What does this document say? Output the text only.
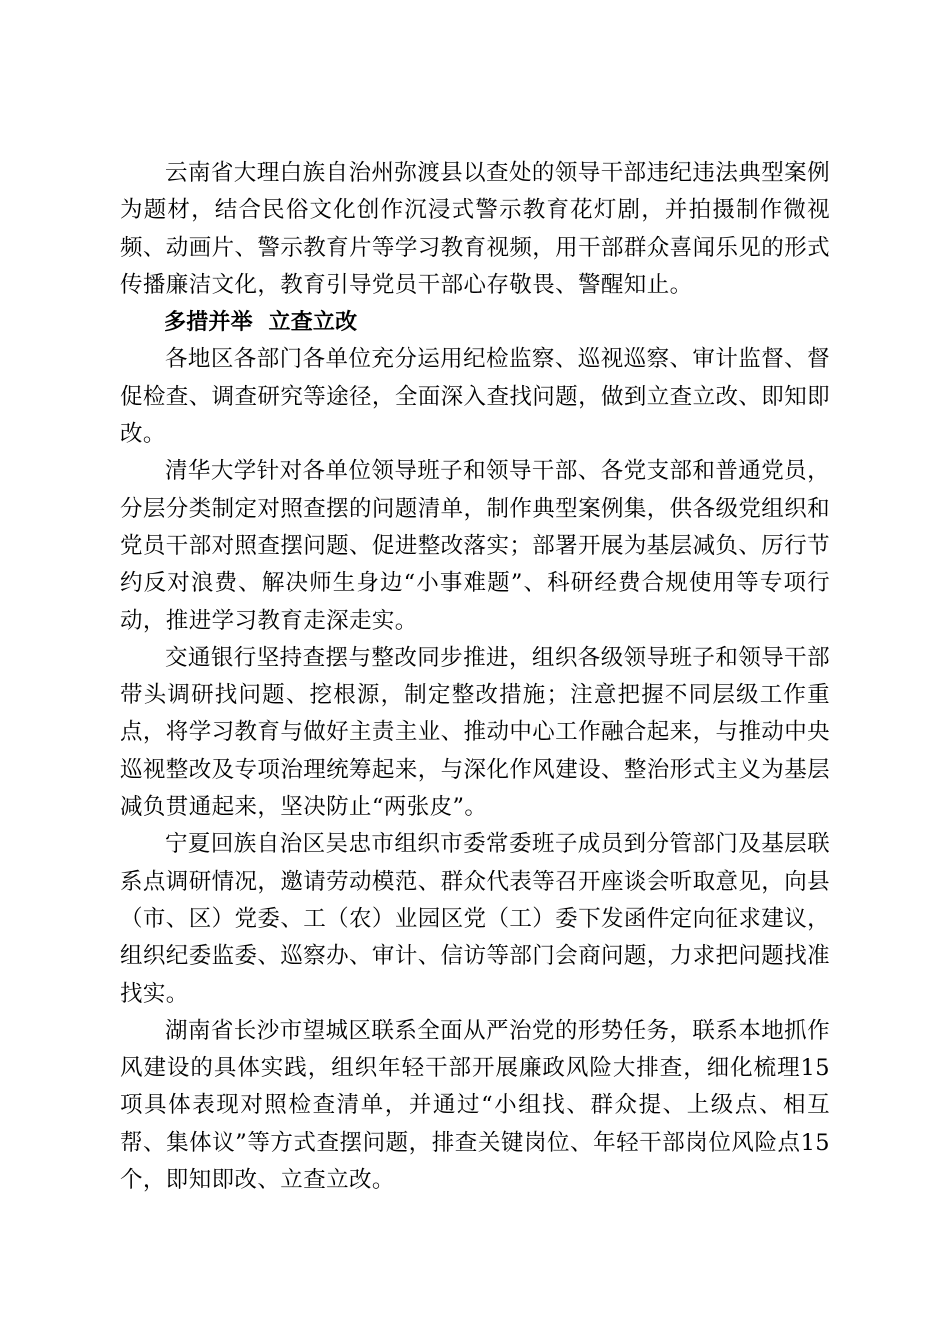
云南省大理白族自治州弥渡县以查处的领导干部违纪违法典型案例为题材，结合民俗文化创作沉浸式警示教育花灯剧，并拍摄制作微视频、动画片、警示教育片等学习教育视频，用干部群众喜闻乐见的形式传播廉洁文化，教育引导党员干部心存敬畏、警醒知止。

多措并举  立查立改

各地区各部门各单位充分运用纪检监察、巡视巡察、审计监督、督促检查、调查研究等途径，全面深入查找问题，做到立查立改、即知即改。

清华大学针对各单位领导班子和领导干部、各党支部和普通党员，分层分类制定对照查摆的问题清单，制作典型案例集，供各级党组织和党员干部对照查摆问题、促进整改落实；部署开展为基层减负、厉行节约反对浪费、解决师生身边“小事难题”、科研经费合规使用等专项行动，推进学习教育走深走实。

交通银行坚持查摆与整改同步推进，组织各级领导班子和领导干部带头调研找问题、挖根源，制定整改措施；注意把握不同层级工作重点，将学习教育与做好主责主业、推动中心工作融合起来，与推动中央巡视整改及专项治理统筹起来，与深化作风建设、整治形式主义为基层减负贯通起来，坚决防止“两张皮”。

宁夏回族自治区吴忠市组织市委常委班子成员到分管部门及基层联系点调研情况，邀请劳动模范、群众代表等召开座谈会听取意见，向县（市、区）党委、工（农）业园区党（工）委下发函件定向征求建议，组织纪委监委、巡察办、审计、信访等部门会商问题，力求把问题找准找实。

湖南省长沙市望城区联系全面从严治党的形势任务，联系本地抓作风建设的具体实践，组织年轻干部开展廉政风险大排查，细化梳理15项具体表现对照检查清单，并通过“小组找、群众提、上级点、相互帮、集体议”等方式查摆问题，排查关键岗位、年轻干部岗位风险点15个，即知即改、立查立改。
